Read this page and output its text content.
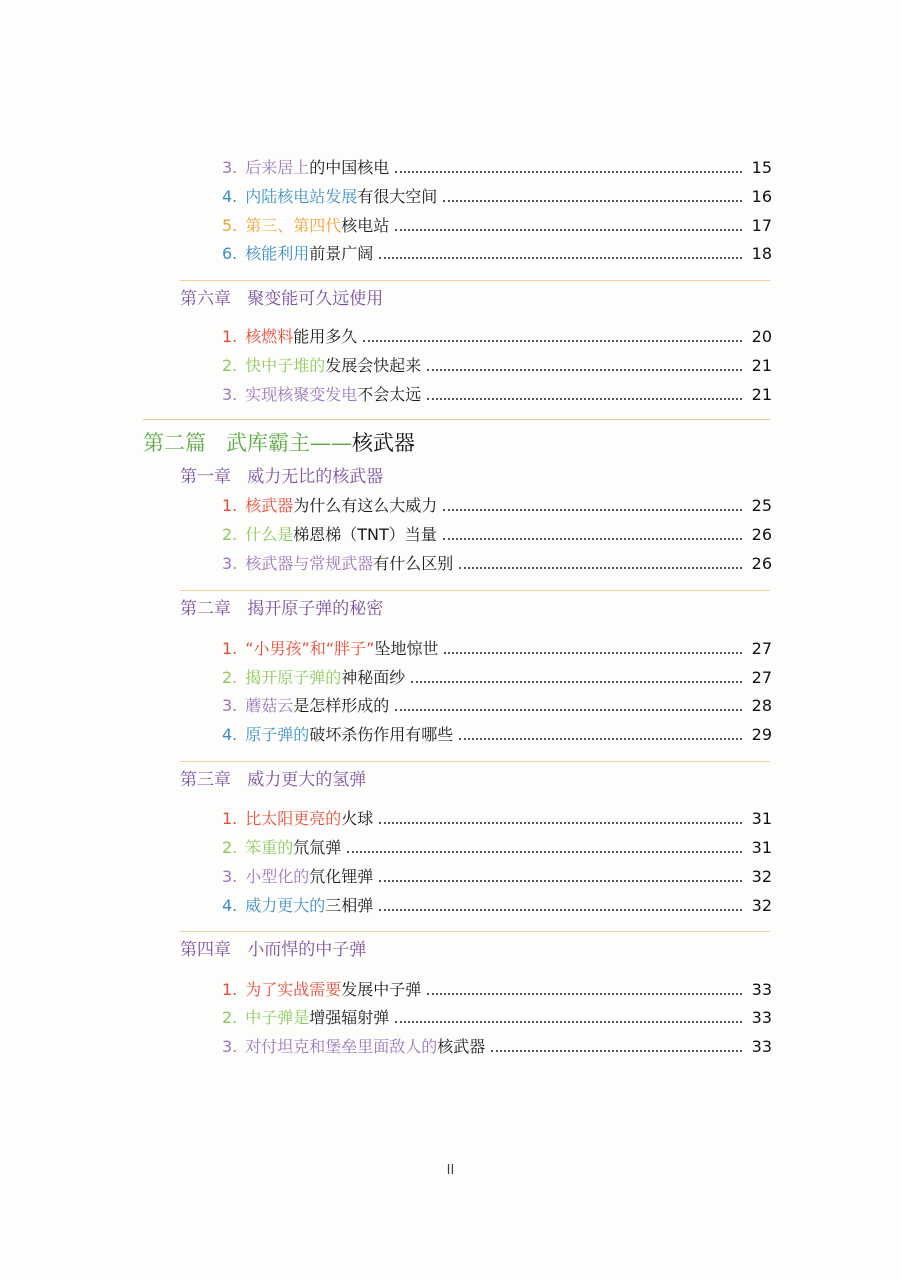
3. 后来居上 的中国核电	15
4. 内陆核电站发展 有很大空间	16
5. 第三、第四代 核电站	17
6. 核能利用 前景广阔	18
第六章 聚变能可久远使用
1. 核燃料 能用多久	20
2. 快中子堆的 发展会快起来	21
3. 实现核聚变发电 不会太远	21
第二篇 武库霸主——核武器
第一章 威力无比的核武器
1. 核武器 为什么有这么大威力	25
2. 什么是 梯恩梯（TNT）当量	26
3. 核武器与常规武器 有什么区别	26
第二章 揭开原子弹的秘密
1. “小男孩”和“胖子” 坠地惊世	27
2. 揭开原子弹的 神秘面纱	27
3. 蘑菇云 是怎样形成的	28
4. 原子弹的 破坏杀伤作用有哪些	29
第三章 威力更大的氢弹
1. 比太阳更亮的 火球	31
2. 笨重的 氘氚弹	31
3. 小型化的 氘化锂弹	32
4. 威力更大的 三相弹	32
第四章 小而悍的中子弹
1. 为了实战需要 发展中子弹	33
2. 中子弹是 增强辐射弹	33
3. 对付坦克和堡垒里面敌人的 核武器	33
II
